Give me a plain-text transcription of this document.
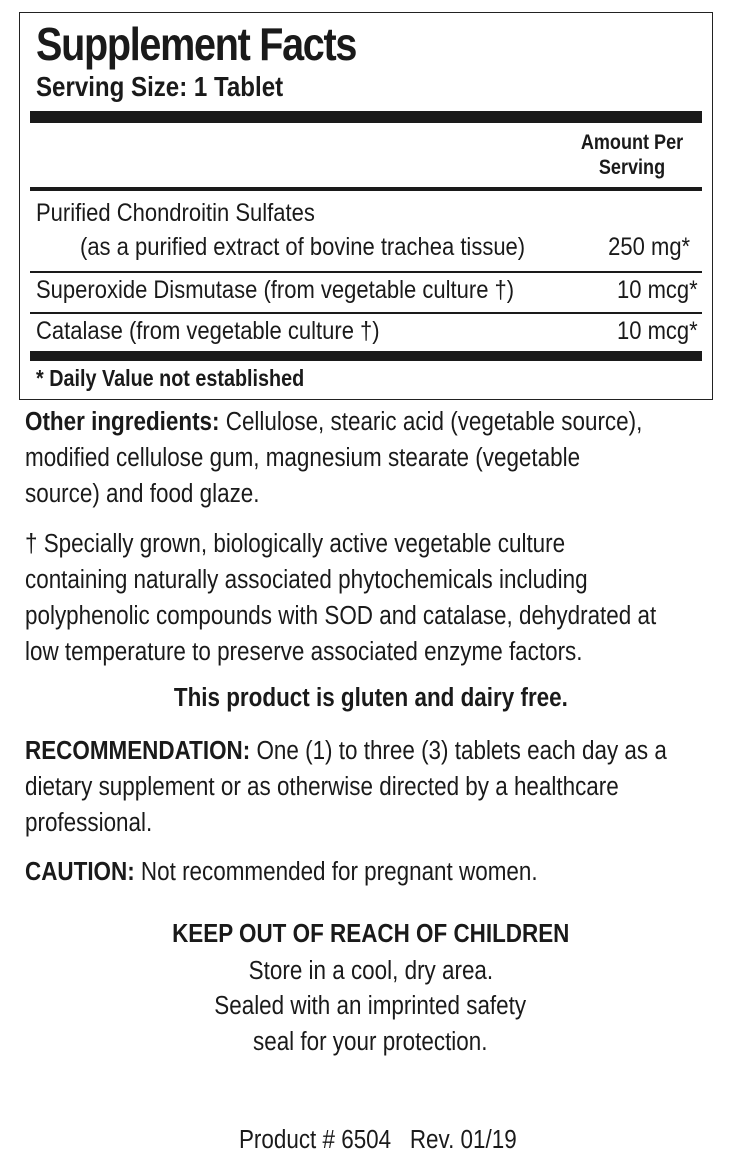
Supplement Facts
Serving Size: 1 Tablet
Amount Per
Serving
Purified Chondroitin Sulfates
(as a purified extract of bovine trachea tissue)	250 mg*
Superoxide Dismutase (from vegetable culture †)	10 mcg*
Catalase (from vegetable culture †)	10 mcg*
* Daily Value not established
Other ingredients: Cellulose, stearic acid (vegetable source),
modified cellulose gum, magnesium stearate (vegetable
source) and food glaze.
† Specially grown, biologically active vegetable culture
containing naturally associated phytochemicals including
polyphenolic compounds with SOD and catalase, dehydrated at
low temperature to preserve associated enzyme factors.
This product is gluten and dairy free.
RECOMMENDATION: One (1) to three (3) tablets each day as a
dietary supplement or as otherwise directed by a healthcare
professional.
CAUTION: Not recommended for pregnant women.
KEEP OUT OF REACH OF CHILDREN
Store in a cool, dry area.
Sealed with an imprinted safety
seal for your protection.

Product # 6504   Rev. 01/19
